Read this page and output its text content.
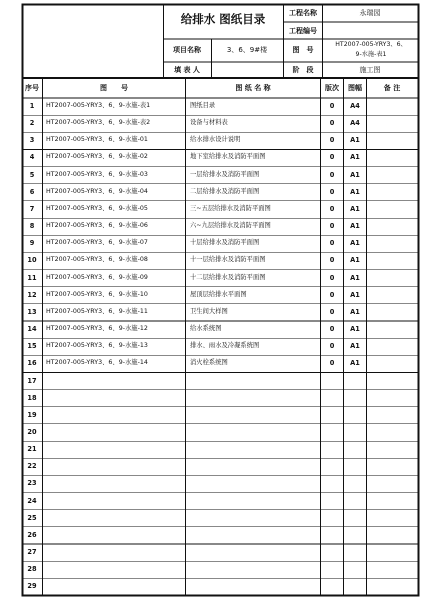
给排水 图纸目录	工程名称	永瑞园
工程编号
项目名称	3、6、9#楼	图　号
HT2007-005-YRY3、6、
9-水施-表1
填 表 人	阶　段	施工图
序号	图　　号	图 纸 名 称	版次 图幅	备 注
1 HT2007-005-YRY3、6、9-水施-表1	图纸目录	0 A4
2 HT2007-005-YRY3、6、9-水施-表2	设备与材料表	0 A4
3 HT2007-005-YRY3、6、9-水施-01	给水排水设计说明	0 A1
4 HT2007-005-YRY3、6、9-水施-02	地下室给排水及消防平面图	0 A1
5 HT2007-005-YRY3、6、9-水施-03	一层给排水及消防平面图	0 A1
6 HT2007-005-YRY3、6、9-水施-04	二层给排水及消防平面图	0 A1
7 HT2007-005-YRY3、6、9-水施-05	三~五层给排水及消防平面图	0 A1
8 HT2007-005-YRY3、6、9-水施-06	六~九层给排水及消防平面图	0 A1
9 HT2007-005-YRY3、6、9-水施-07	十层给排水及消防平面图	0 A1
10 HT2007-005-YRY3、6、9-水施-08	十一层给排水及消防平面图	0 A1
11 HT2007-005-YRY3、6、9-水施-09	十二层给排水及消防平面图	0 A1
12 HT2007-005-YRY3、6、9-水施-10	屋顶层给排水平面图	0 A1
13 HT2007-005-YRY3、6、9-水施-11	卫生间大样图	0 A1
14 HT2007-005-YRY3、6、9-水施-12	给水系统图	0 A1
15 HT2007-005-YRY3、6、9-水施-13	排水、雨水及冷凝系统图	0 A1
16 HT2007-005-YRY3、6、9-水施-14	消火栓系统图	0 A1
17
18
19
20
21
22
23
24
25
26
27
28
29
